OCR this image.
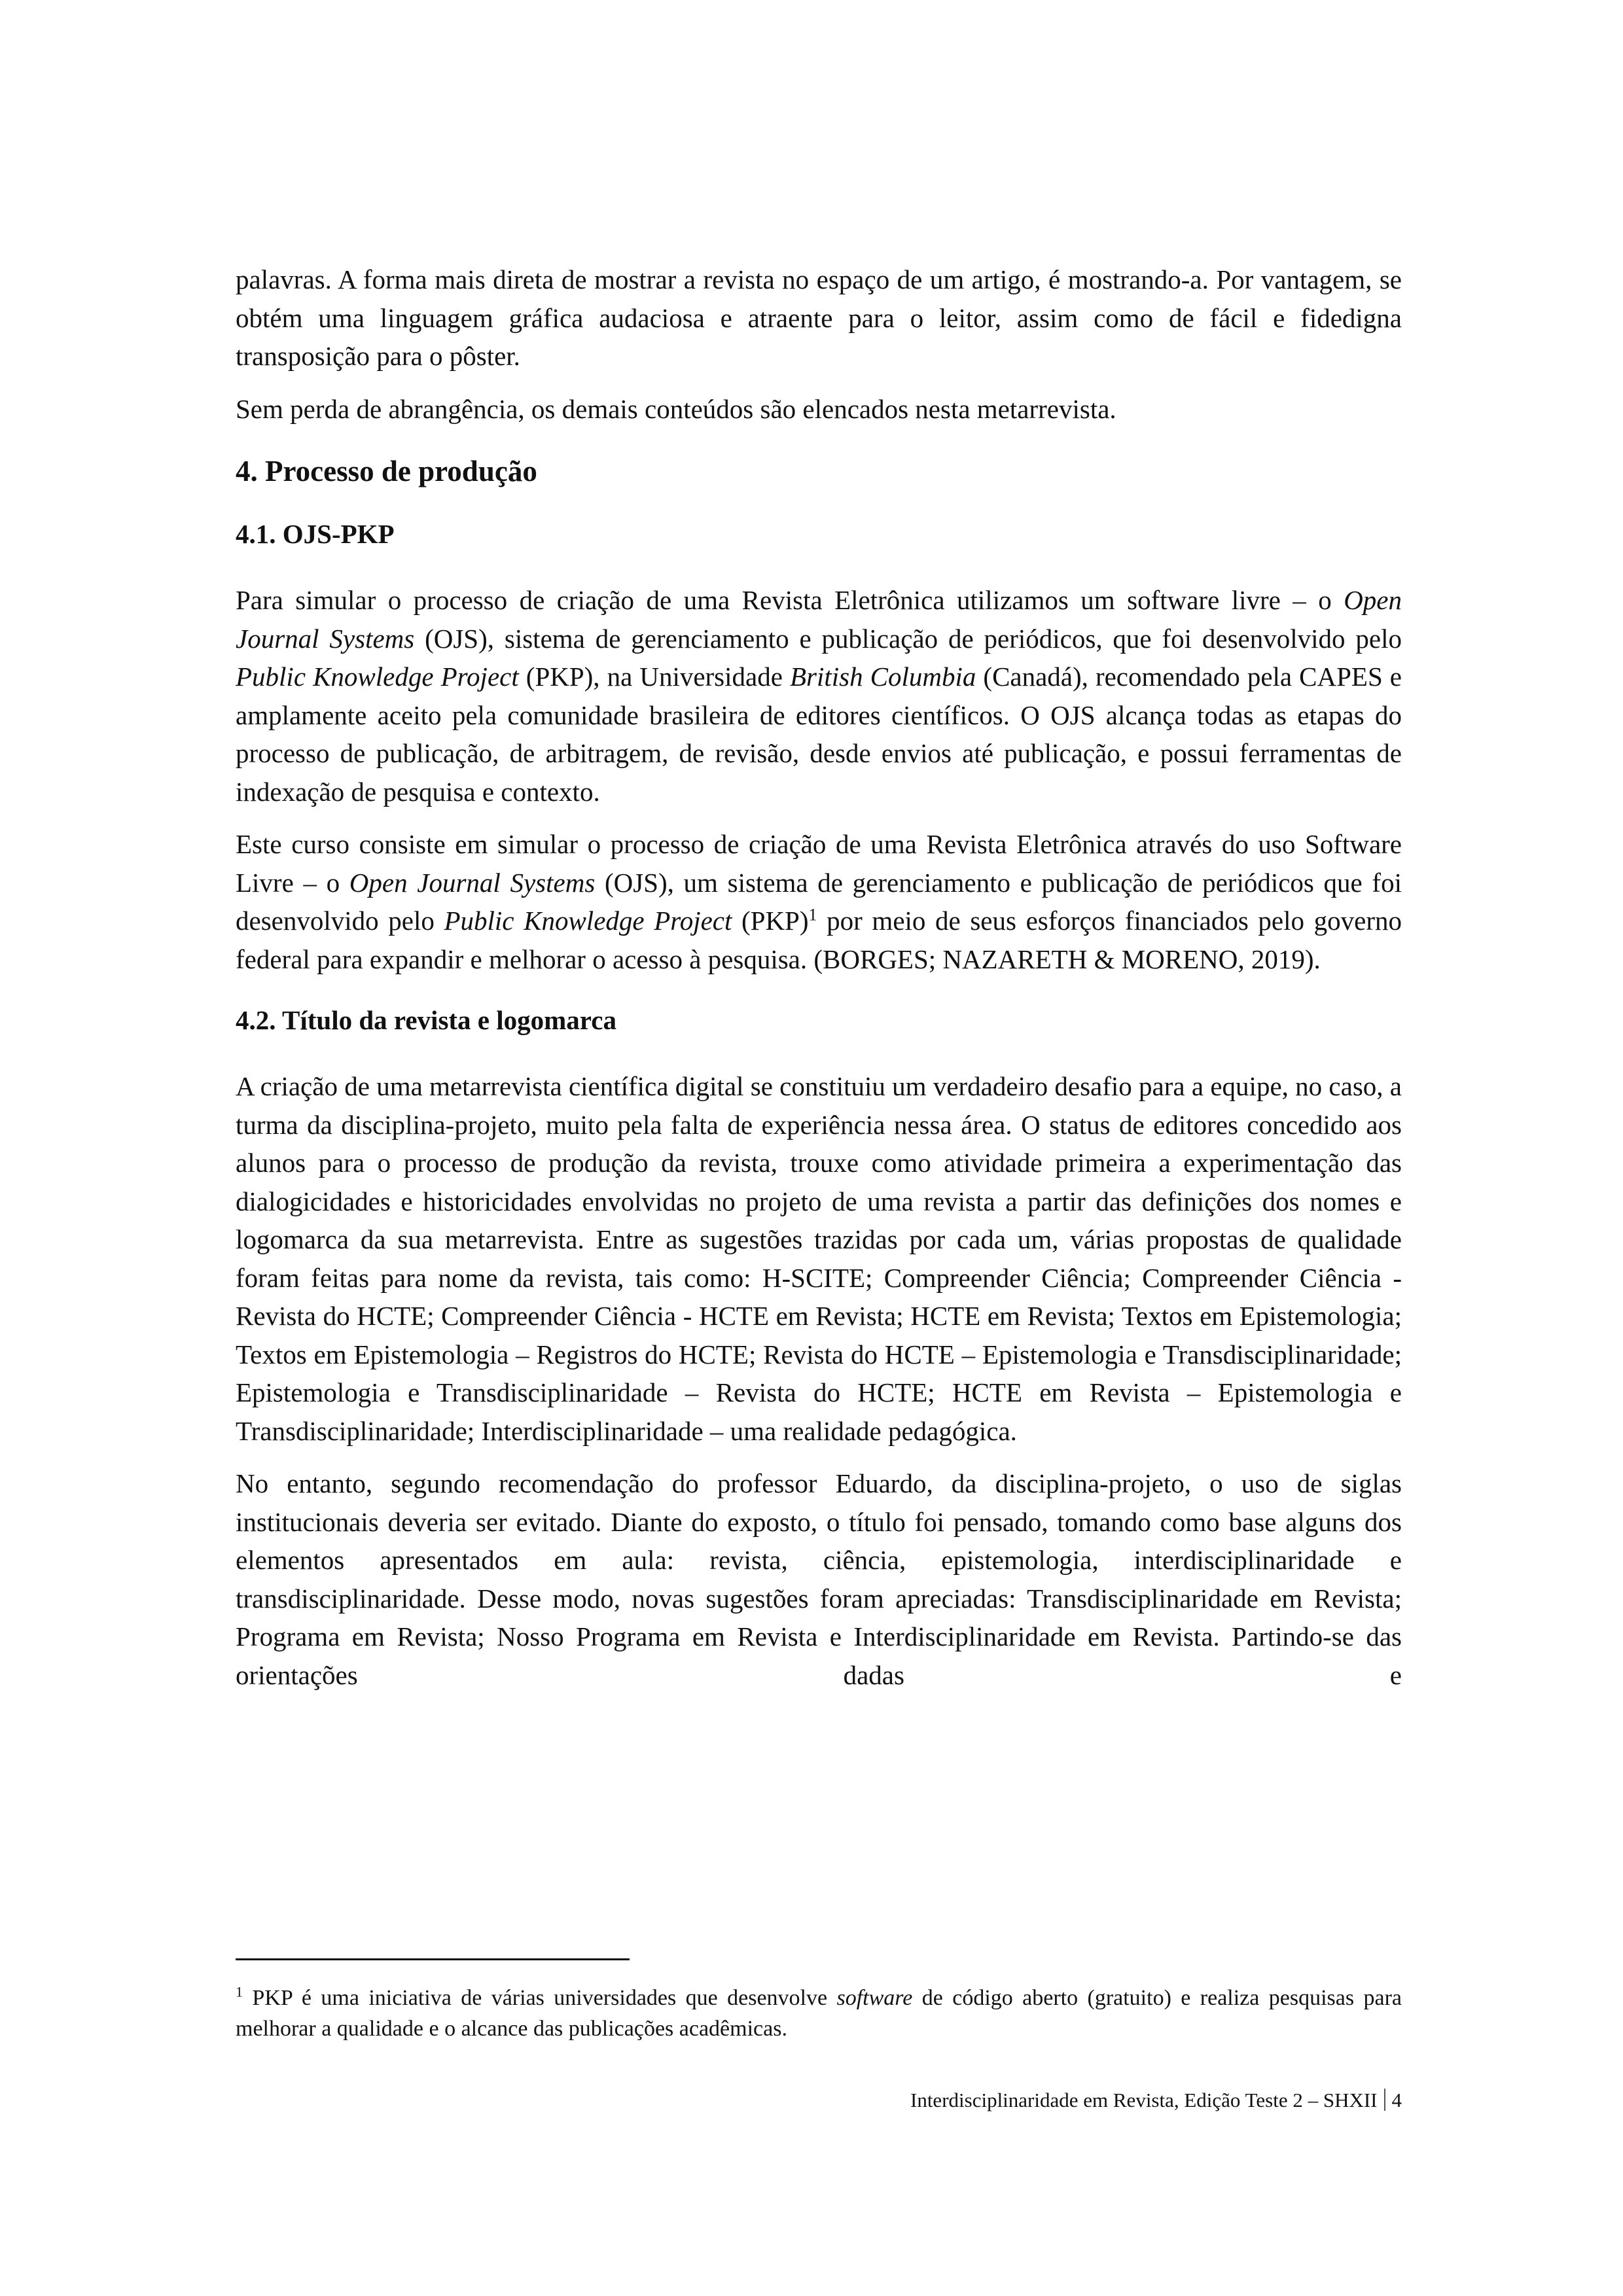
palavras. A forma mais direta de mostrar a revista no espaço de um artigo, é mostrando-a. Por vantagem, se obtém uma linguagem gráfica audaciosa e atraente para o leitor, assim como de fácil e fidedigna transposição para o pôster.

Sem perda de abrangência, os demais conteúdos são elencados nesta metarrevista.

4. Processo de produção
4.1. OJS-PKP

Para simular o processo de criação de uma Revista Eletrônica utilizamos um software livre – o Open Journal Systems (OJS), sistema de gerenciamento e publicação de periódicos, que foi desenvolvido pelo Public Knowledge Project (PKP), na Universidade British Columbia (Canadá), recomendado pela CAPES e amplamente aceito pela comunidade brasileira de editores científicos. O OJS alcança todas as etapas do processo de publicação, de arbitragem, de revisão, desde envios até publicação, e possui ferramentas de indexação de pesquisa e contexto.

Este curso consiste em simular o processo de criação de uma Revista Eletrônica através do uso Software Livre – o Open Journal Systems (OJS), um sistema de gerenciamento e publicação de periódicos que foi desenvolvido pelo Public Knowledge Project (PKP)$^1$ por meio de seus esforços financiados pelo governo federal para expandir e melhorar o acesso à pesquisa. (BORGES; NAZARETH & MORENO, 2019).

4.2. Título da revista e logomarca

A criação de uma metarrevista científica digital se constituiu um verdadeiro desafio para a equipe, no caso, a turma da disciplina-projeto, muito pela falta de experiência nessa área. O status de editores concedido aos alunos para o processo de produção da revista, trouxe como atividade primeira a experimentação das dialogicidades e historicidades envolvidas no projeto de uma revista a partir das definições dos nomes e logomarca da sua metarrevista. Entre as sugestões trazidas por cada um, várias propostas de qualidade foram feitas para nome da revista, tais como: H-SCITE; Compreender Ciência; Compreender Ciência - Revista do HCTE; Compreender Ciência - HCTE em Revista; HCTE em Revista; Textos em Epistemologia; Textos em Epistemologia – Registros do HCTE; Revista do HCTE – Epistemologia e Transdisciplinaridade; Epistemologia e Transdisciplinaridade – Revista do HCTE; HCTE em Revista – Epistemologia e Transdisciplinaridade; Interdisciplinaridade – uma realidade pedagógica.

No entanto, segundo recomendação do professor Eduardo, da disciplina-projeto, o uso de siglas institucionais deveria ser evitado. Diante do exposto, o título foi pensado, tomando como base alguns dos elementos apresentados em aula: revista, ciência, epistemologia, interdisciplinaridade e transdisciplinaridade. Desse modo, novas sugestões foram apreciadas: Transdisciplinaridade em Revista; Programa em Revista; Nosso Programa em Revista e Interdisciplinaridade em Revista. Partindo-se das orientações dadas e

$^1$ PKP é uma iniciativa de várias universidades que desenvolve software de código aberto (gratuito) e realiza pesquisas para melhorar a qualidade e o alcance das publicações acadêmicas.
Interdisciplinaridade em Revista, Edição Teste 2 – SHXII 4
